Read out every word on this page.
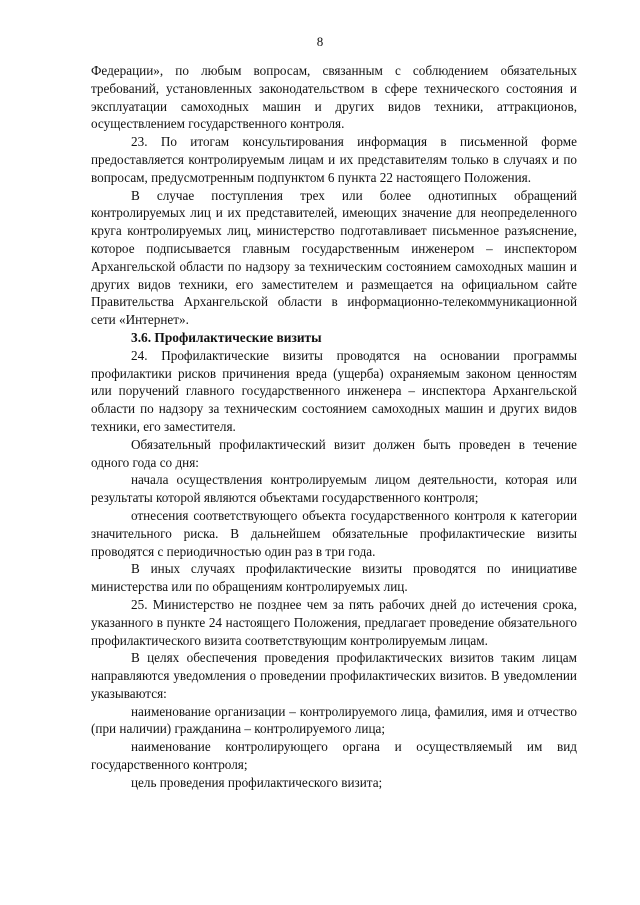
8

Федерации», по любым вопросам, связанным с соблюдением обязательных требований, установленных законодательством в сфере технического состояния и эксплуатации самоходных машин и других видов техники, аттракционов, осуществлением государственного контроля.

23. По итогам консультирования информация в письменной форме предоставляется контролируемым лицам и их представителям только в случаях и по вопросам, предусмотренным подпунктом 6 пункта 22 настоящего Положения.

В случае поступления трех или более однотипных обращений контролируемых лиц и их представителей, имеющих значение для неопределенного круга контролируемых лиц, министерство подготавливает письменное разъяснение, которое подписывается главным государственным инженером – инспектором Архангельской области по надзору за техническим состоянием самоходных машин и других видов техники, его заместителем и размещается на официальном сайте Правительства Архангельской области в информационно-телекоммуникационной сети «Интернет».

3.6. Профилактические визиты

24. Профилактические визиты проводятся на основании программы профилактики рисков причинения вреда (ущерба) охраняемым законом ценностям или поручений главного государственного инженера – инспектора Архангельской области по надзору за техническим состоянием самоходных машин и других видов техники, его заместителя.

Обязательный профилактический визит должен быть проведен в течение одного года со дня:

начала осуществления контролируемым лицом деятельности, которая или результаты которой являются объектами государственного контроля;

отнесения соответствующего объекта государственного контроля к категории значительного риска. В дальнейшем обязательные профилактические визиты проводятся с периодичностью один раз в три года.

В иных случаях профилактические визиты проводятся по инициативе министерства или по обращениям контролируемых лиц.

25. Министерство не позднее чем за пять рабочих дней до истечения срока, указанного в пункте 24 настоящего Положения, предлагает проведение обязательного профилактического визита соответствующим контролируемым лицам.

В целях обеспечения проведения профилактических визитов таким лицам направляются уведомления о проведении профилактических визитов. В уведомлении указываются:

наименование организации – контролируемого лица, фамилия, имя и отчество (при наличии) гражданина – контролируемого лица;

наименование контролирующего органа и осуществляемый им вид государственного контроля;

цель проведения профилактического визита;
